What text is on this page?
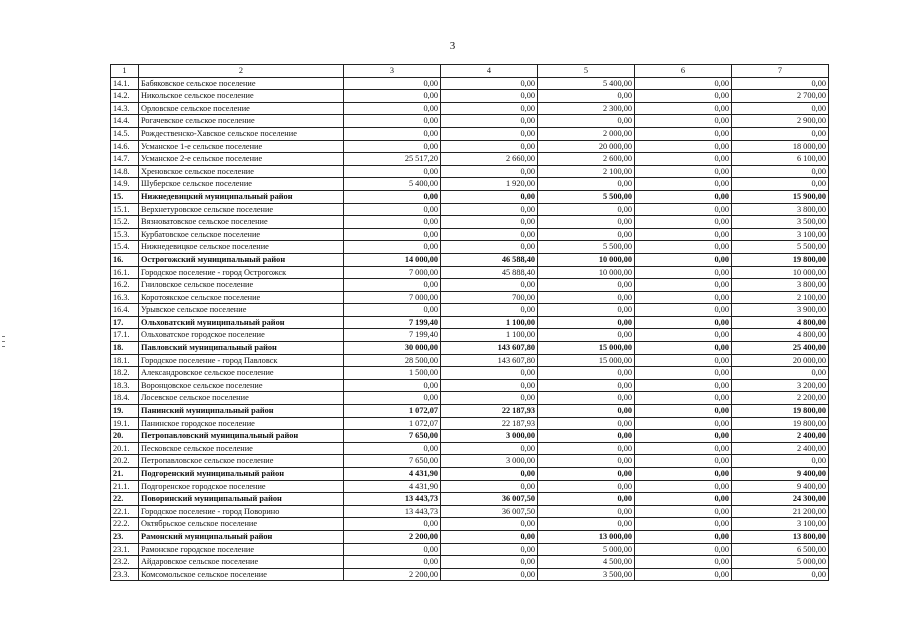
3
1	2	3	4	5	6	7
14.1.	Бабяковское сельское поселение	0,00	0,00	5 400,00	0,00	0,00
14.2.	Никольское сельское поселение	0,00	0,00	0,00	0,00	2 700,00
14.3.	Орловское сельское поселение	0,00	0,00	2 300,00	0,00	0,00
14.4.	Рогачевское сельское поселение	0,00	0,00	0,00	0,00	2 900,00
14.5.	Рождественско-Хавское сельское поселение	0,00	0,00	2 000,00	0,00	0,00
14.6.	Усманское 1-е сельское поселение	0,00	0,00	20 000,00	0,00	18 000,00
14.7.	Усманское 2-е сельское поселение	25 517,20	2 660,00	2 600,00	0,00	6 100,00
14.8.	Хреновское сельское поселение	0,00	0,00	2 100,00	0,00	0,00
14.9.	Шуберское сельское поселение	5 400,00	1 920,00	0,00	0,00	0,00
15.	Нижнедевицкий муниципальный район	0,00	0,00	5 500,00	0,00	15 900,00
15.1.	Верхнетуровское сельское поселение	0,00	0,00	0,00	0,00	3 800,00
15.2.	Вязноватовское сельское поселение	0,00	0,00	0,00	0,00	3 500,00
15.3.	Курбатовское сельское поселение	0,00	0,00	0,00	0,00	3 100,00
15.4.	Нижнедевицкое сельское поселение	0,00	0,00	5 500,00	0,00	5 500,00
16.	Острогожский муниципальный район	14 000,00	46 588,40	10 000,00	0,00	19 800,00
16.1.	Городское поселение - город Острогожск	7 000,00	45 888,40	10 000,00	0,00	10 000,00
16.2.	Гниловское сельское поселение	0,00	0,00	0,00	0,00	3 800,00
16.3.	Коротоякское сельское поселение	7 000,00	700,00	0,00	0,00	2 100,00
16.4.	Урывское сельское поселение	0,00	0,00	0,00	0,00	3 900,00
17.	Ольховатский муниципальный район	7 199,40	1 100,00	0,00	0,00	4 800,00
17.1.	Ольховатское городское поселение	7 199,40	1 100,00	0,00	0,00	4 800,00
18.	Павловский муниципальный район	30 000,00	143 607,80	15 000,00	0,00	25 400,00
18.1.	Городское поселение - город Павловск	28 500,00	143 607,80	15 000,00	0,00	20 000,00
18.2.	Александровское сельское поселение	1 500,00	0,00	0,00	0,00	0,00
18.3.	Воронцовское сельское поселение	0,00	0,00	0,00	0,00	3 200,00
18.4.	Лосевское сельское поселение	0,00	0,00	0,00	0,00	2 200,00
19.	Панинский муниципальный район	1 072,07	22 187,93	0,00	0,00	19 800,00
19.1.	Панинское городское поселение	1 072,07	22 187,93	0,00	0,00	19 800,00
20.	Петропавловский муниципальный район	7 650,00	3 000,00	0,00	0,00	2 400,00
20.1.	Песковское сельское поселение	0,00	0,00	0,00	0,00	2 400,00
20.2.	Петропавловское сельское поселение	7 650,00	3 000,00	0,00	0,00	0,00
21.	Подгоренский муниципальный район	4 431,90	0,00	0,00	0,00	9 400,00
21.1.	Подгоренское городское поселение	4 431,90	0,00	0,00	0,00	9 400,00
22.	Поворинский муниципальный район	13 443,73	36 007,50	0,00	0,00	24 300,00
22.1.	Городское поселение - город Поворино	13 443,73	36 007,50	0,00	0,00	21 200,00
22.2.	Октябрьское сельское поселение	0,00	0,00	0,00	0,00	3 100,00
23.	Рамонский муниципальный район	2 200,00	0,00	13 000,00	0,00	13 800,00
23.1.	Рамонское городское поселение	0,00	0,00	5 000,00	0,00	6 500,00
23.2.	Айдаровское сельское поселение	0,00	0,00	4 500,00	0,00	5 000,00
23.3.	Комсомольское сельское поселение	2 200,00	0,00	3 500,00	0,00	0,00
